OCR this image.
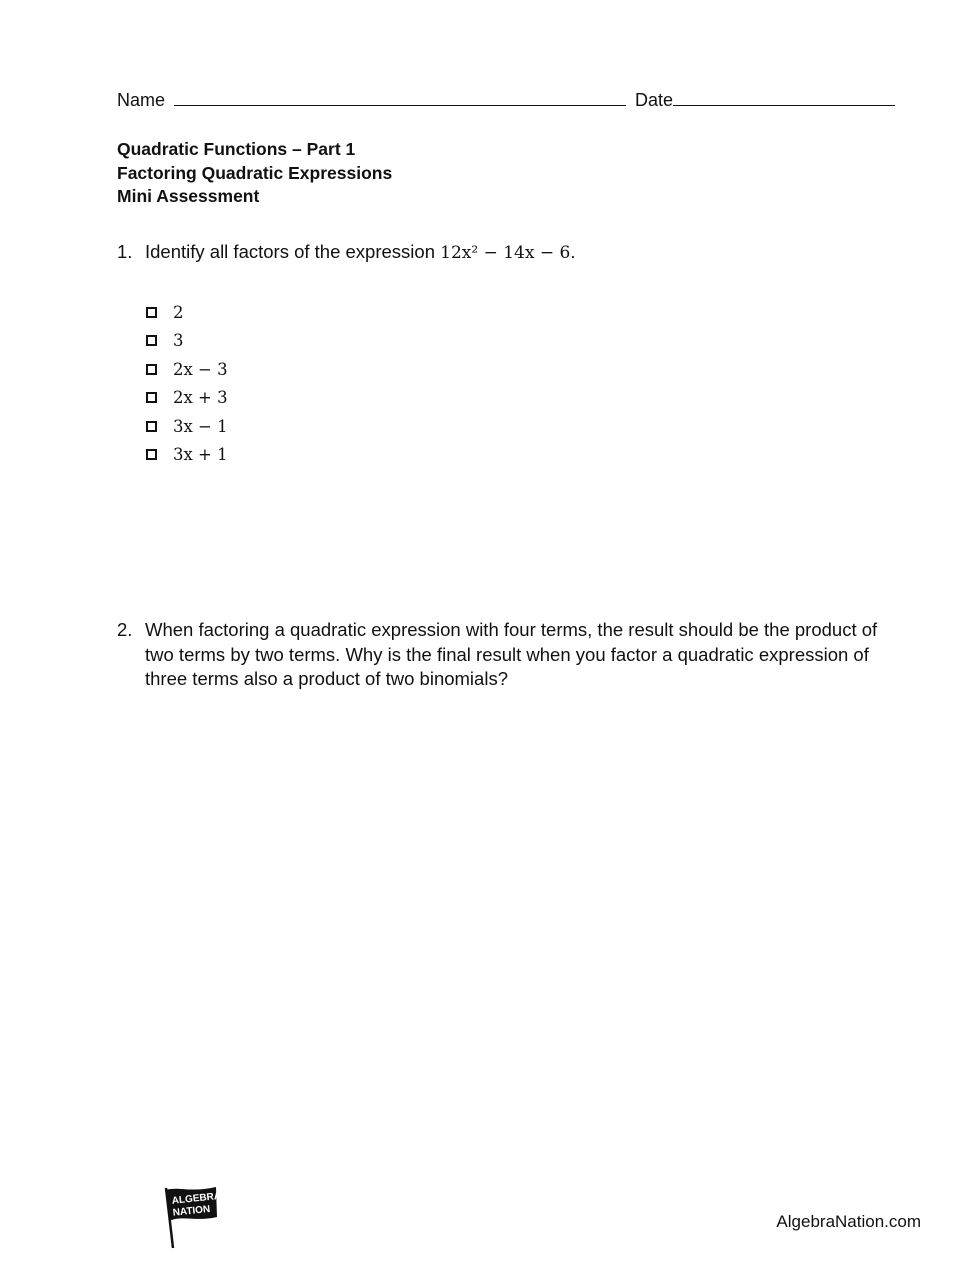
Name	Date
Quadratic Functions – Part 1
Factoring Quadratic Expressions
Mini Assessment
1. Identify all factors of the expression 12x² − 14x − 6.
2
3
2x − 3
2x + 3
3x − 1
3x + 1
2. When factoring a quadratic expression with four terms, the result should be the product of two terms by two terms. Why is the final result when you factor a quadratic expression of three terms also a product of two binomials?
ALGEBRA
NATION
AlgebraNation.com
